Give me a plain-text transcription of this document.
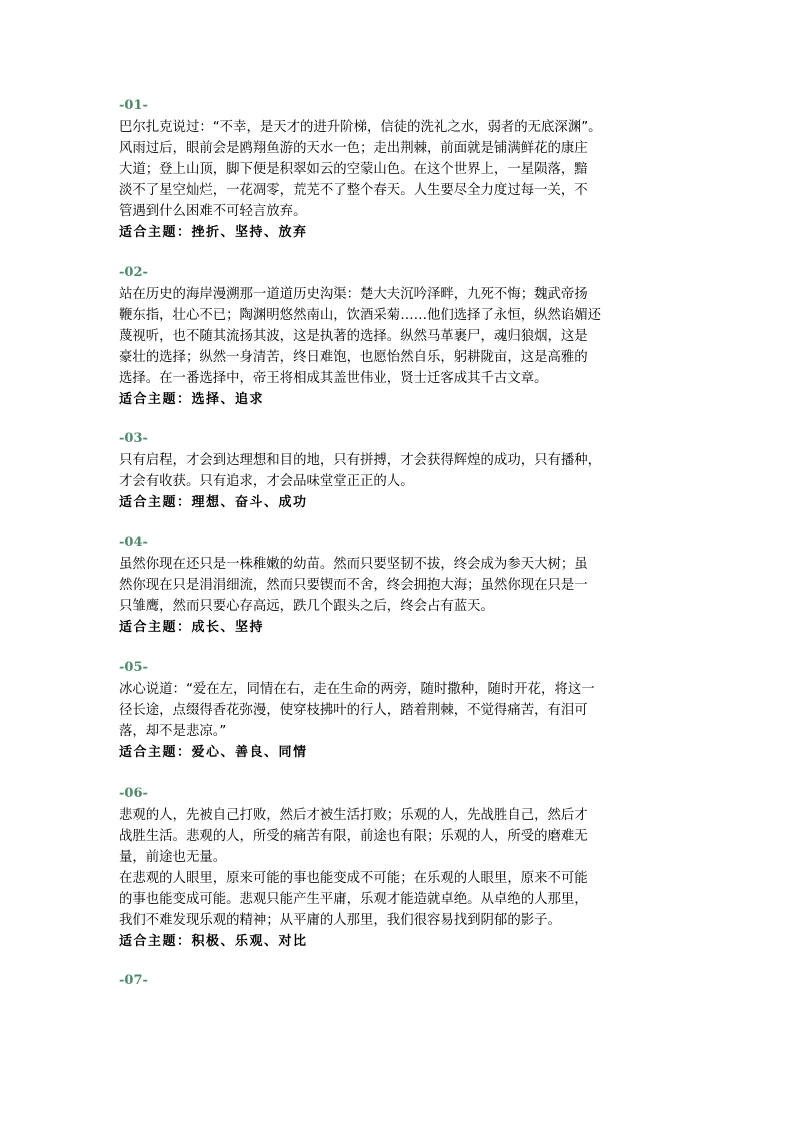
-01-
巴尔扎克说过：“不幸，是天才的进升阶梯，信徒的洗礼之水，弱者的无底深渊”。
风雨过后，眼前会是鸥翔鱼游的天水一色；走出荆棘，前面就是铺满鲜花的康庄
大道；登上山顶，脚下便是积翠如云的空蒙山色。在这个世界上，一星陨落，黯
淡不了星空灿烂，一花凋零，荒芜不了整个春天。人生要尽全力度过每一关，不
管遇到什么困难不可轻言放弃。
适合主题：挫折、坚持、放弃
-02-
站在历史的海岸漫溯那一道道历史沟渠：楚大夫沉吟泽畔，九死不悔；魏武帝扬
鞭东指，壮心不已；陶渊明悠然南山，饮酒采菊……他们选择了永恒，纵然谄媚还
蔑视听，也不随其流扬其波，这是执著的选择。纵然马革裹尸，魂归狼烟，这是
豪壮的选择；纵然一身清苦，终日难饱，也愿怡然自乐，躬耕陇亩，这是高雅的
选择。在一番选择中，帝王将相成其盖世伟业，贤士迁客成其千古文章。
适合主题：选择、追求
-03-
只有启程，才会到达理想和目的地，只有拼搏，才会获得辉煌的成功，只有播种，
才会有收获。只有追求，才会品味堂堂正正的人。
适合主题：理想、奋斗、成功
-04-
虽然你现在还只是一株稚嫩的幼苗。然而只要坚韧不拔，终会成为参天大树；虽
然你现在只是涓涓细流，然而只要锲而不舍，终会拥抱大海；虽然你现在只是一
只雏鹰，然而只要心存高远，跌几个跟头之后，终会占有蓝天。
适合主题：成长、坚持
-05-
冰心说道：“爱在左，同情在右，走在生命的两旁，随时撒种，随时开花，将这一
径长途，点缀得香花弥漫，使穿枝拂叶的行人，踏着荆棘，不觉得痛苦，有泪可
落，却不是悲凉。”
适合主题：爱心、善良、同情
-06-
悲观的人，先被自己打败，然后才被生活打败；乐观的人，先战胜自己，然后才
战胜生活。悲观的人，所受的痛苦有限，前途也有限；乐观的人，所受的磨难无
量，前途也无量。
在悲观的人眼里，原来可能的事也能变成不可能；在乐观的人眼里，原来不可能
的事也能变成可能。悲观只能产生平庸，乐观才能造就卓绝。从卓绝的人那里，
我们不难发现乐观的精神；从平庸的人那里，我们很容易找到阴郁的影子。
适合主题：积极、乐观、对比
-07-
